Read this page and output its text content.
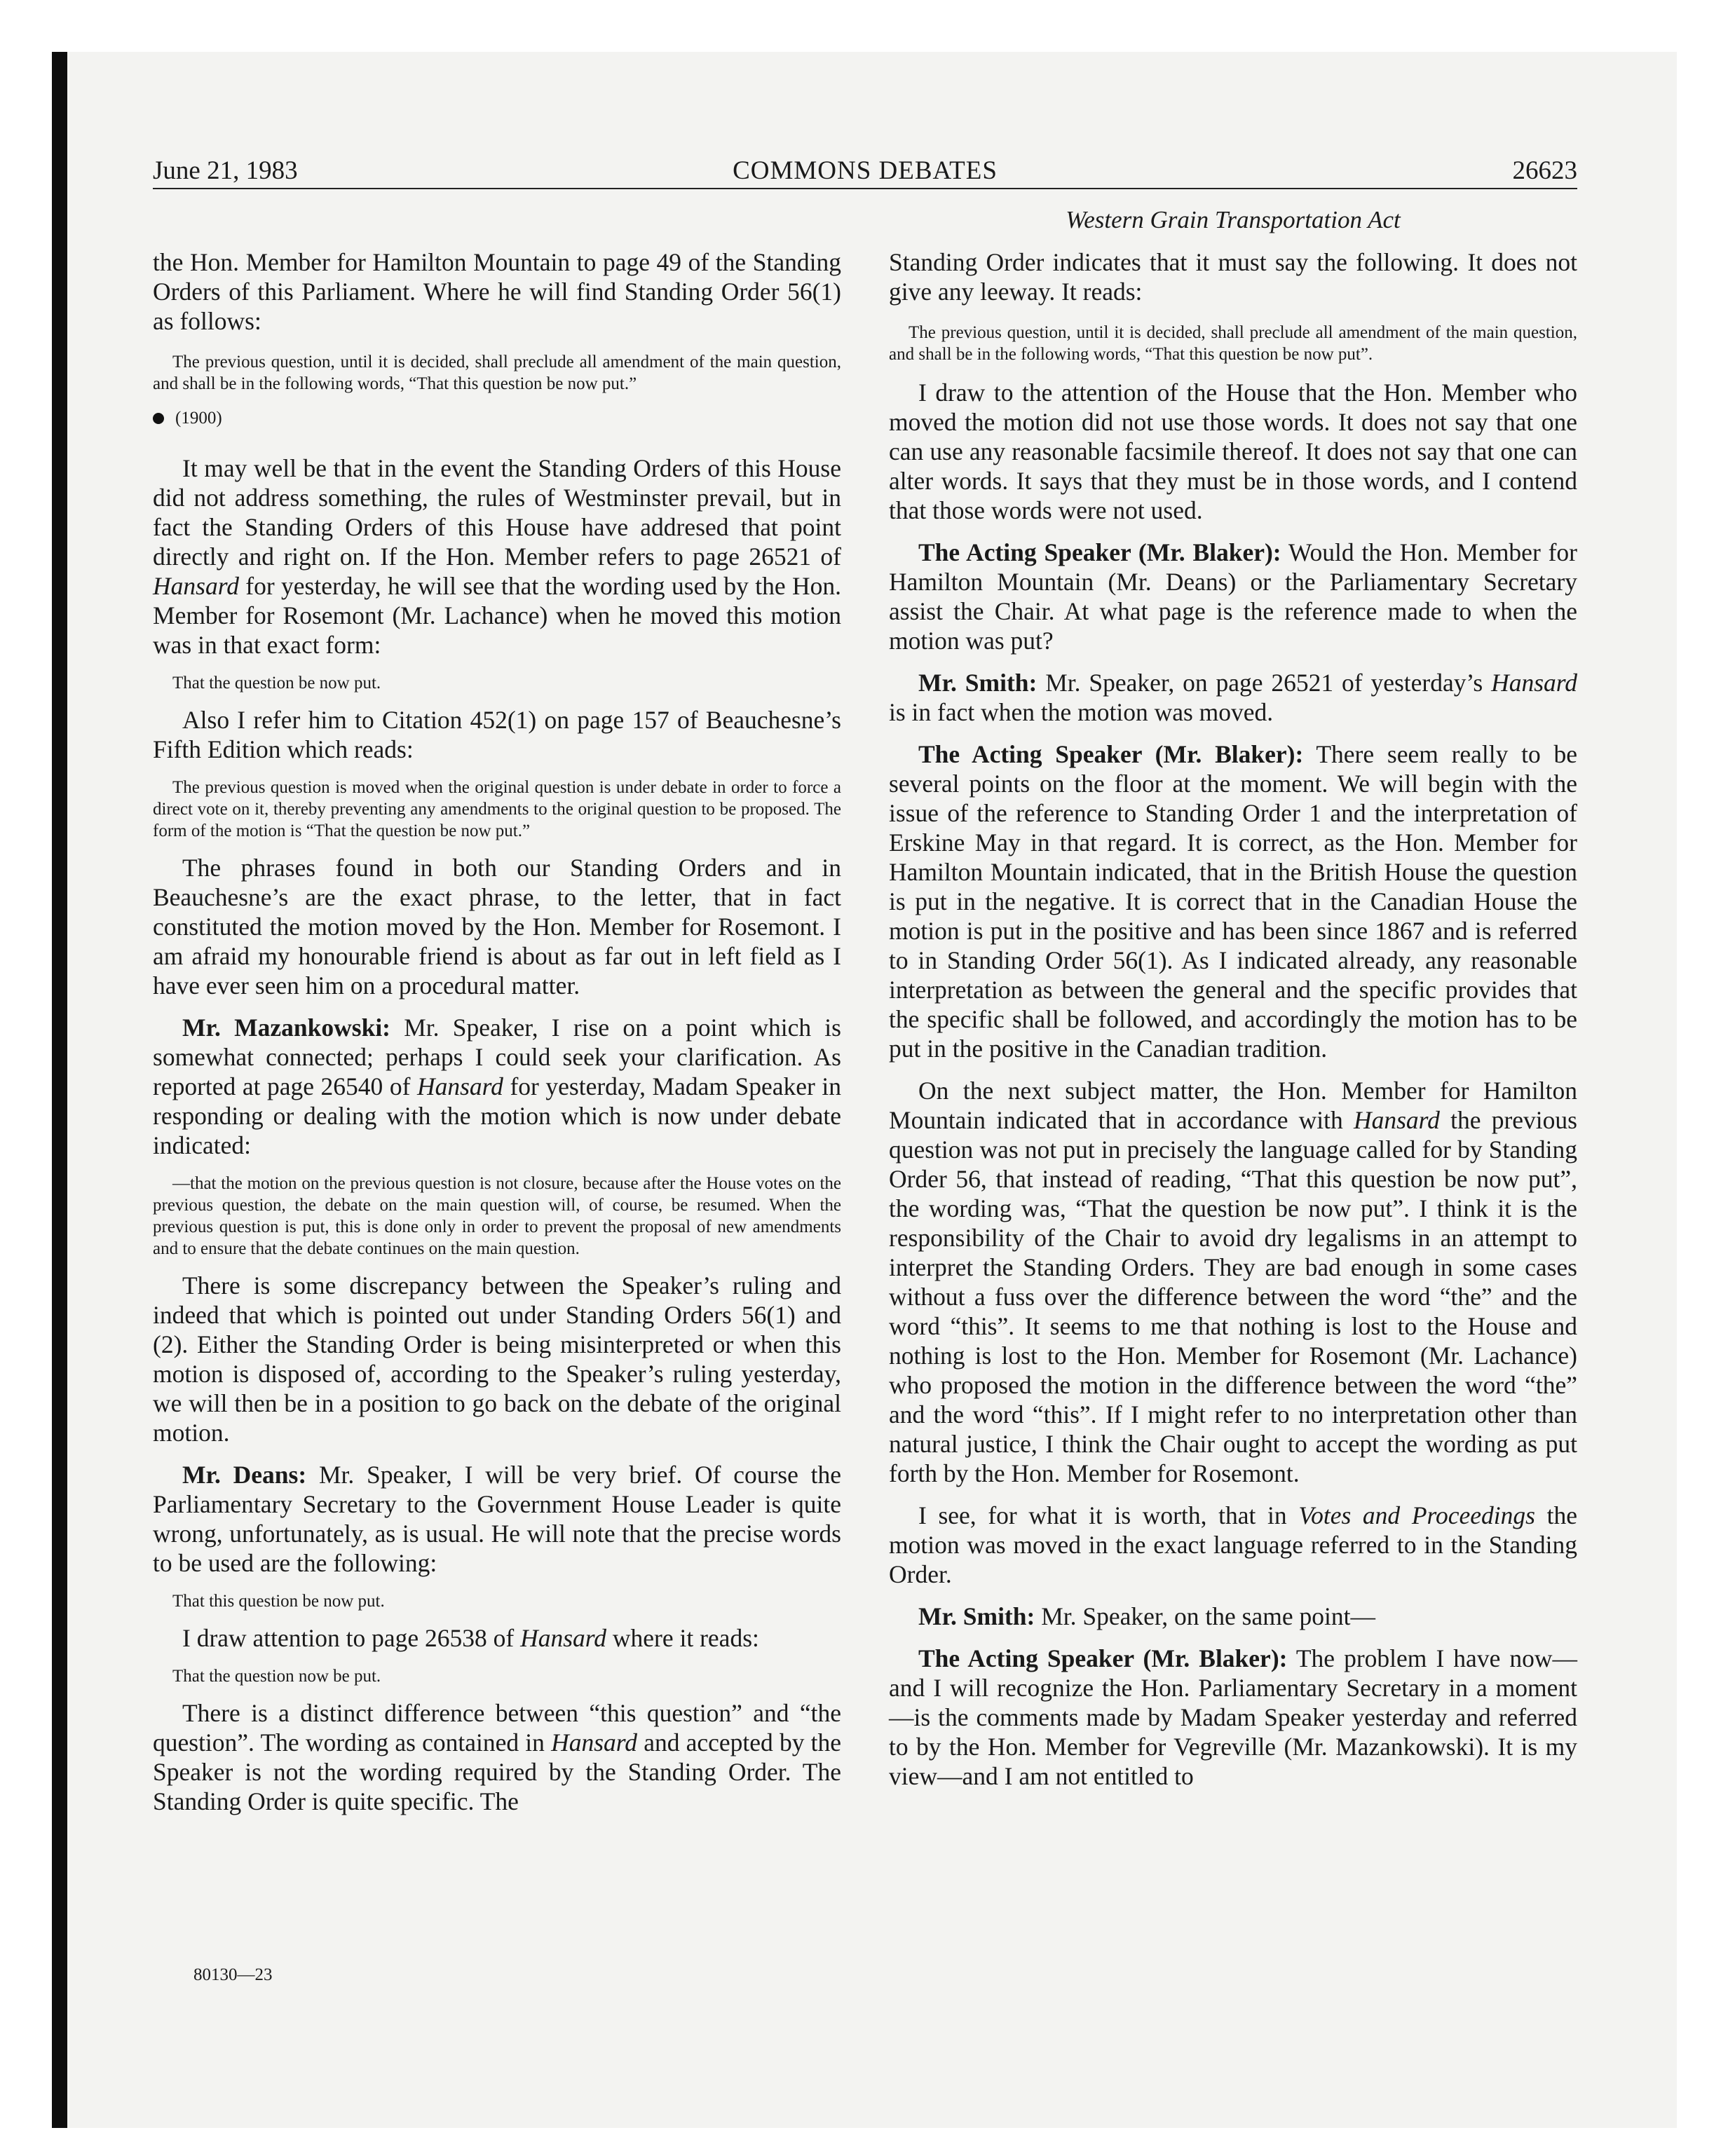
June 21, 1983	COMMONS DEBATES	26623
Western Grain Transportation Act

the Hon. Member for Hamilton Mountain to page 49 of the Standing Orders of this Parliament. Where he will find Standing Order 56(1) as follows:

The previous question, until it is decided, shall preclude all amendment of the main question, and shall be in the following words, “That this question be now put.”

(1900)

It may well be that in the event the Standing Orders of this House did not address something, the rules of Westminster prevail, but in fact the Standing Orders of this House have addresed that point directly and right on. If the Hon. Member refers to page 26521 of Hansard for yesterday, he will see that the wording used by the Hon. Member for Rosemont (Mr. Lachance) when he moved this motion was in that exact form:

That the question be now put.

Also I refer him to Citation 452(1) on page 157 of Beauchesne’s Fifth Edition which reads:

The previous question is moved when the original question is under debate in order to force a direct vote on it, thereby preventing any amendments to the original question to be proposed. The form of the motion is “That the question be now put.”

The phrases found in both our Standing Orders and in Beauchesne’s are the exact phrase, to the letter, that in fact constituted the motion moved by the Hon. Member for Rosemont. I am afraid my honourable friend is about as far out in left field as I have ever seen him on a procedural matter.

Mr. Mazankowski: Mr. Speaker, I rise on a point which is somewhat connected; perhaps I could seek your clarification. As reported at page 26540 of Hansard for yesterday, Madam Speaker in responding or dealing with the motion which is now under debate indicated:

—that the motion on the previous question is not closure, because after the House votes on the previous question, the debate on the main question will, of course, be resumed. When the previous question is put, this is done only in order to prevent the proposal of new amendments and to ensure that the debate continues on the main question.

There is some discrepancy between the Speaker’s ruling and indeed that which is pointed out under Standing Orders 56(1) and (2). Either the Standing Order is being misinterpreted or when this motion is disposed of, according to the Speaker’s ruling yesterday, we will then be in a position to go back on the debate of the original motion.

Mr. Deans: Mr. Speaker, I will be very brief. Of course the Parliamentary Secretary to the Government House Leader is quite wrong, unfortunately, as is usual. He will note that the precise words to be used are the following:

That this question be now put.

I draw attention to page 26538 of Hansard where it reads:

That the question now be put.

There is a distinct difference between “this question” and “the question”. The wording as contained in Hansard and accepted by the Speaker is not the wording required by the Standing Order. The Standing Order is quite specific. The

Standing Order indicates that it must say the following. It does not give any leeway. It reads:

The previous question, until it is decided, shall preclude all amendment of the main question, and shall be in the following words, “That this question be now put”.

I draw to the attention of the House that the Hon. Member who moved the motion did not use those words. It does not say that one can use any reasonable facsimile thereof. It does not say that one can alter words. It says that they must be in those words, and I contend that those words were not used.

The Acting Speaker (Mr. Blaker): Would the Hon. Member for Hamilton Mountain (Mr. Deans) or the Parliamentary Secretary assist the Chair. At what page is the reference made to when the motion was put?

Mr. Smith: Mr. Speaker, on page 26521 of yesterday’s Hansard is in fact when the motion was moved.

The Acting Speaker (Mr. Blaker): There seem really to be several points on the floor at the moment. We will begin with the issue of the reference to Standing Order 1 and the interpretation of Erskine May in that regard. It is correct, as the Hon. Member for Hamilton Mountain indicated, that in the British House the question is put in the negative. It is correct that in the Canadian House the motion is put in the positive and has been since 1867 and is referred to in Standing Order 56(1). As I indicated already, any reasonable interpretation as between the general and the specific provides that the specific shall be followed, and accordingly the motion has to be put in the positive in the Canadian tradition.

On the next subject matter, the Hon. Member for Hamilton Mountain indicated that in accordance with Hansard the previous question was not put in precisely the language called for by Standing Order 56, that instead of reading, “That this question be now put”, the wording was, “That the question be now put”. I think it is the responsibility of the Chair to avoid dry legalisms in an attempt to interpret the Standing Orders. They are bad enough in some cases without a fuss over the difference between the word “the” and the word “this”. It seems to me that nothing is lost to the House and nothing is lost to the Hon. Member for Rosemont (Mr. Lachance) who proposed the motion in the difference between the word “the” and the word “this”. If I might refer to no interpretation other than natural justice, I think the Chair ought to accept the wording as put forth by the Hon. Member for Rosemont.

I see, for what it is worth, that in Votes and Proceedings the motion was moved in the exact language referred to in the Standing Order.

Mr. Smith: Mr. Speaker, on the same point—

The Acting Speaker (Mr. Blaker): The problem I have now—and I will recognize the Hon. Parliamentary Secretary in a moment—is the comments made by Madam Speaker yesterday and referred to by the Hon. Member for Vegreville (Mr. Mazankowski). It is my view—and I am not entitled to

80130—23
